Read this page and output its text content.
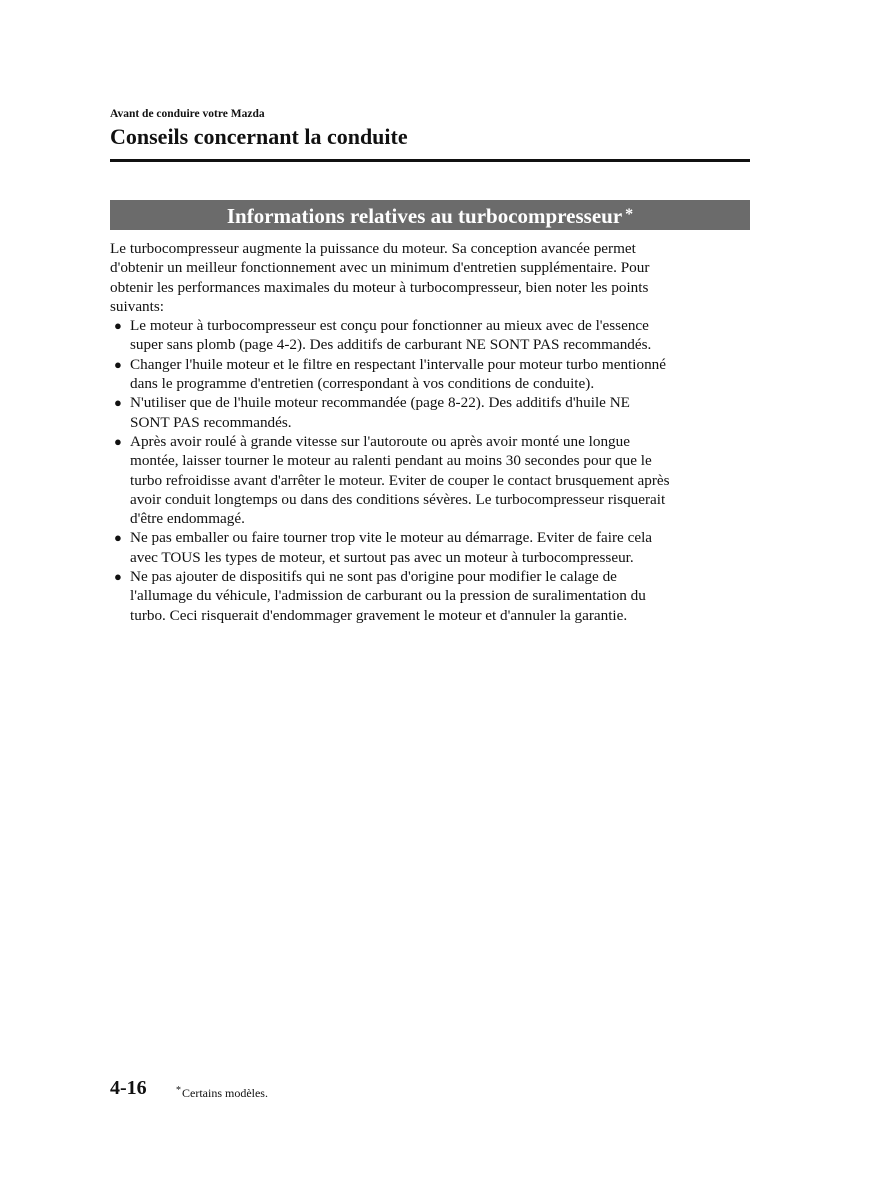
Avant de conduire votre Mazda
Conseils concernant la conduite
Informations relatives au turbocompresseur *

Le turbocompresseur augmente la puissance du moteur. Sa conception avancée permet
d'obtenir un meilleur fonctionnement avec un minimum d'entretien supplémentaire. Pour
obtenir les performances maximales du moteur à turbocompresseur, bien noter les points
suivants:

● Le moteur à turbocompresseur est conçu pour fonctionner au mieux avec de l'essence
super sans plomb (page 4-2). Des additifs de carburant NE SONT PAS recommandés.
● Changer l'huile moteur et le filtre en respectant l'intervalle pour moteur turbo mentionné
dans le programme d'entretien (correspondant à vos conditions de conduite).
● N'utiliser que de l'huile moteur recommandée (page 8-22). Des additifs d'huile NE
SONT PAS recommandés.
● Après avoir roulé à grande vitesse sur l'autoroute ou après avoir monté une longue
montée, laisser tourner le moteur au ralenti pendant au moins 30 secondes pour que le
turbo refroidisse avant d'arrêter le moteur. Eviter de couper le contact brusquement après
avoir conduit longtemps ou dans des conditions sévères. Le turbocompresseur risquerait
d'être endommagé.
● Ne pas emballer ou faire tourner trop vite le moteur au démarrage. Eviter de faire cela
avec TOUS les types de moteur, et surtout pas avec un moteur à turbocompresseur.
● Ne pas ajouter de dispositifs qui ne sont pas d'origine pour modifier le calage de
l'allumage du véhicule, l'admission de carburant ou la pression de suralimentation du
turbo. Ceci risquerait d'endommager gravement le moteur et d'annuler la garantie.
4-16	*Certains modèles.
